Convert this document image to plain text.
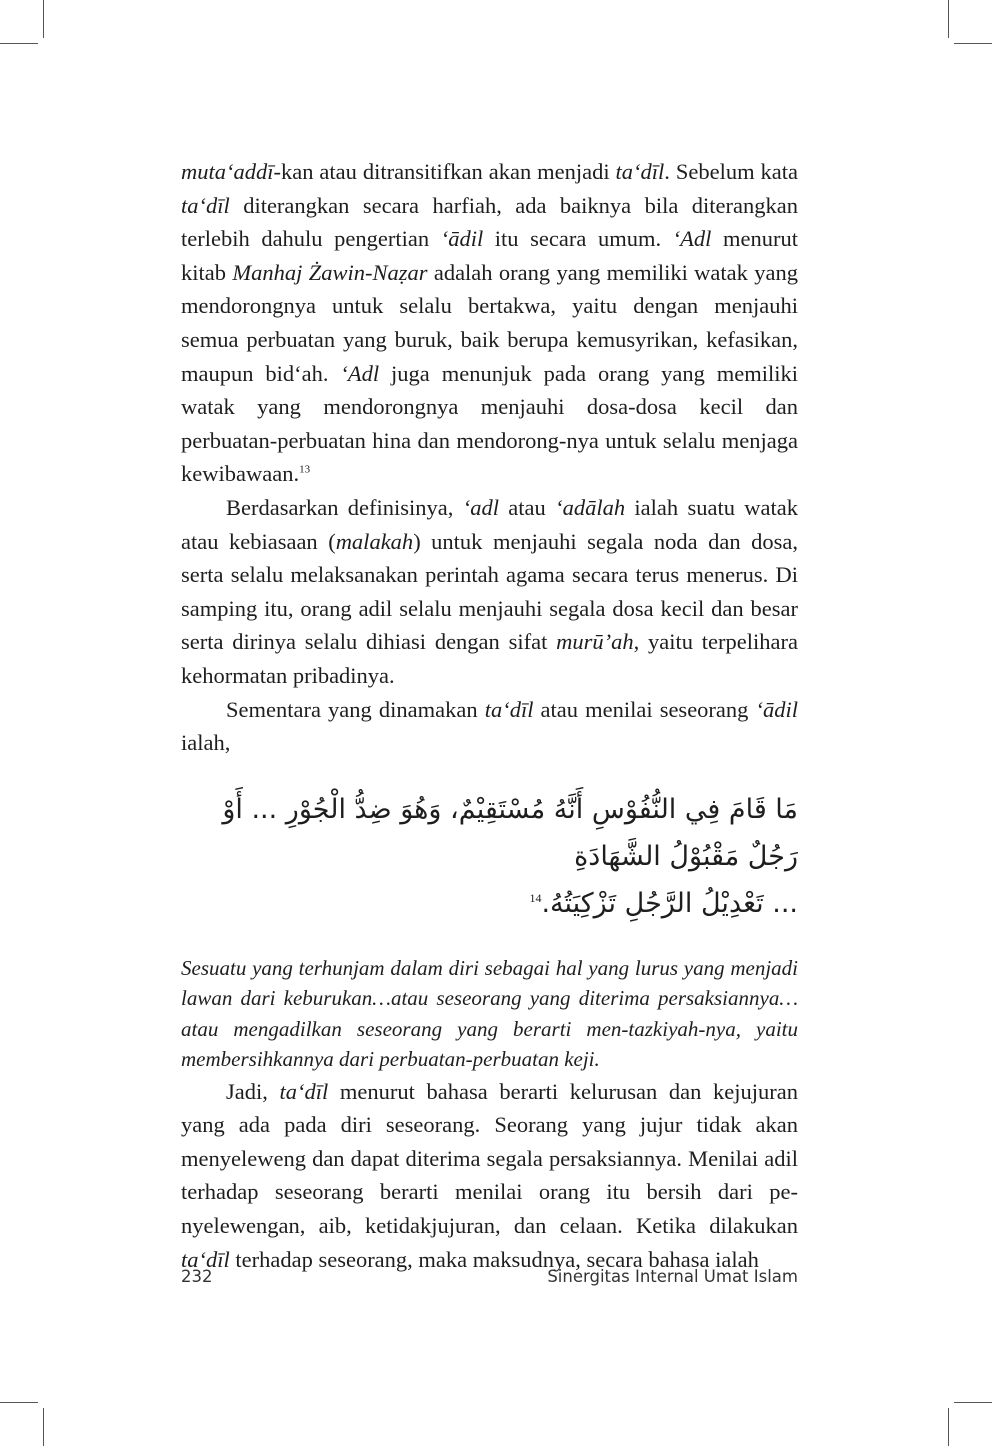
muta‘addī-kan atau ditransitifkan akan menjadi ta‘dīl. Sebelum kata ta‘dīl diterangkan secara harfiah, ada baiknya bila diterangkan terlebih dahulu pengertian ‘ādil itu secara umum. ‘Adl menurut kitab Manhaj Żawin-Naẓar adalah orang yang memiliki watak yang mendorongnya untuk selalu bertakwa, yaitu dengan menjauhi semua perbuatan yang buruk, baik berupa kemusyrikan, kefasikan, maupun bid‘ah. ‘Adl juga menunjuk pada orang yang memiliki watak yang mendorongnya menjauhi dosa-dosa kecil dan perbuatan-perbuatan hina dan mendorong-nya untuk selalu menjaga kewibawaan.$^{13}$

Berdasarkan definisinya, ‘adl atau ‘adālah ialah suatu watak atau kebiasaan (malakah) untuk menjauhi segala noda dan dosa, serta selalu melaksanakan perintah agama secara terus menerus. Di samping itu, orang adil selalu menjauhi segala dosa kecil dan besar serta dirinya selalu dihiasi dengan sifat murū’ah, yaitu terpelihara kehormatan pribadinya.

Sementara yang dinamakan ta‘dīl atau menilai seseorang ‘ādil ialah,

مَا قَامَ فِي النُّفُوْسِ أَنَّهُ مُسْتَقِيْمٌ، وَهُوَ ضِدُّ الْجُوْرِ ... أَوْ رَجُلٌ مَقْبُوْلُ الشَّهَادَةِ
... تَعْدِيْلُ الرَّجُلِ تَزْكِيَتُهُ.$^{14}$

Sesuatu yang terhunjam dalam diri sebagai hal yang lurus yang menjadi lawan dari keburukan…atau seseorang yang diterima persaksiannya…atau mengadilkan seseorang yang berarti men-tazkiyah-nya, yaitu membersihkannya dari perbuatan-perbuatan keji.

Jadi, ta‘dīl menurut bahasa berarti kelurusan dan kejujuran yang ada pada diri seseorang. Seorang yang jujur tidak akan menyeleweng dan dapat diterima segala persaksiannya. Menilai adil terhadap seseorang berarti menilai orang itu bersih dari penyelewengan, aib, ketidakjujuran, dan celaan. Ketika dilakukan ta‘dīl terhadap seseorang, maka maksudnya, secara bahasa ialah

232	Sinergitas Internal Umat Islam
